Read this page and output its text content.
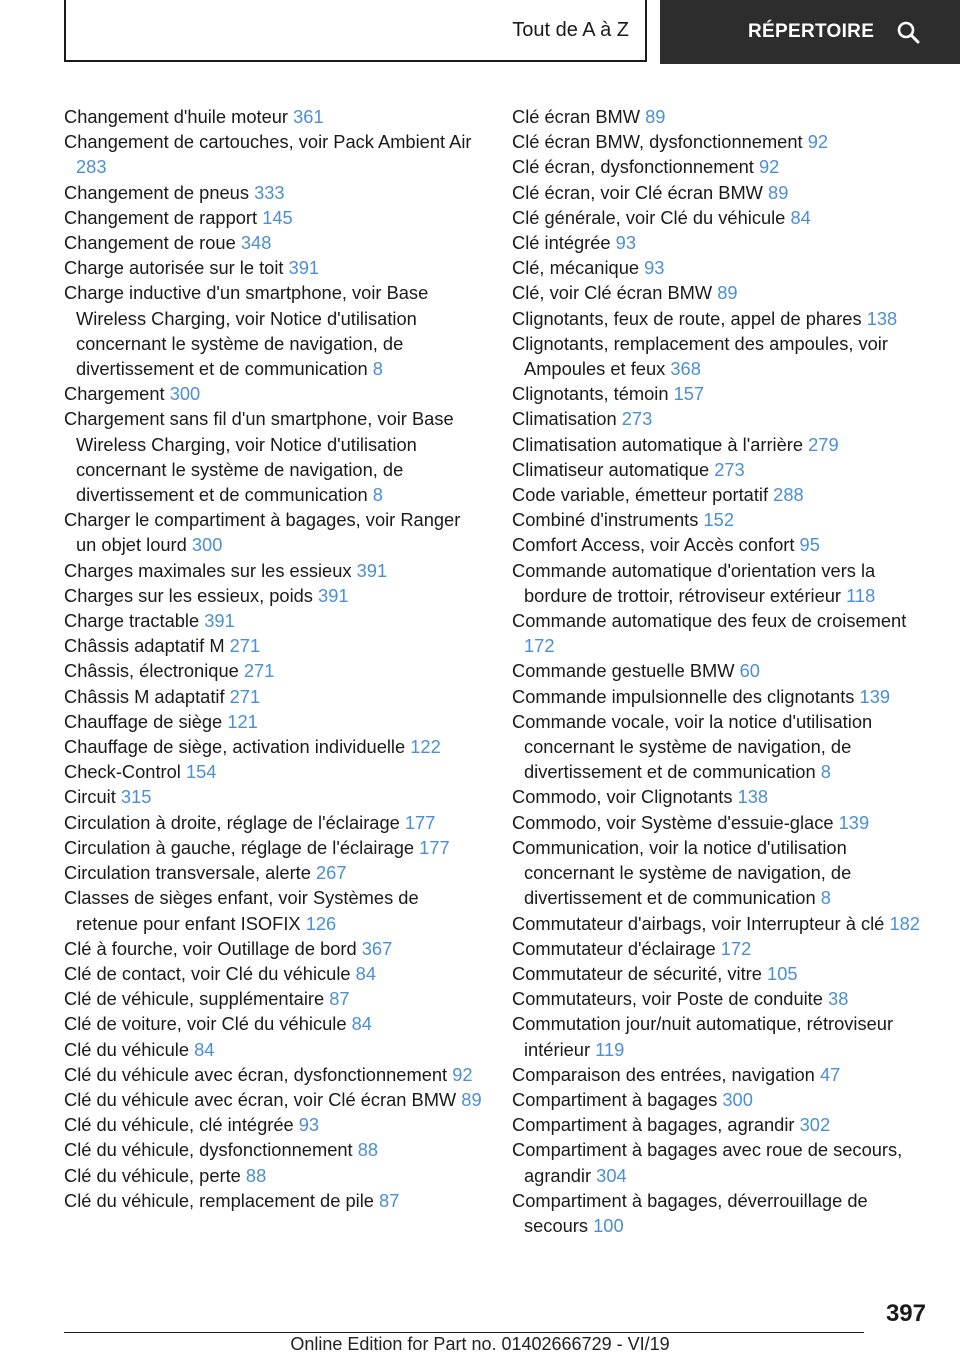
Tout de A à Z	RÉPERTOIRE

Changement d'huile moteur 361

Changement de cartouches, voir Pack Ambient Air 283

Changement de pneus 333

Changement de rapport 145

Changement de roue 348

Charge autorisée sur le toit 391

Charge inductive d'un smartphone, voir Base Wireless Charging, voir Notice d'utilisation concernant le système de navigation, de divertissement et de communication 8

Chargement 300

Chargement sans fil d'un smartphone, voir Base Wireless Charging, voir Notice d'utilisation concernant le système de navigation, de divertissement et de communication 8

Charger le compartiment à bagages, voir Ranger un objet lourd 300

Charges maximales sur les essieux 391

Charges sur les essieux, poids 391

Charge tractable 391

Châssis adaptatif M 271

Châssis, électronique 271

Châssis M adaptatif 271

Chauffage de siège 121

Chauffage de siège, activation individuelle 122

Check-Control 154

Circuit 315

Circulation à droite, réglage de l'éclairage 177

Circulation à gauche, réglage de l'éclairage 177

Circulation transversale, alerte 267

Classes de sièges enfant, voir Systèmes de retenue pour enfant ISOFIX 126

Clé à fourche, voir Outillage de bord 367

Clé de contact, voir Clé du véhicule 84

Clé de véhicule, supplémentaire 87

Clé de voiture, voir Clé du véhicule 84

Clé du véhicule 84

Clé du véhicule avec écran, dysfonctionnement 92

Clé du véhicule avec écran, voir Clé écran BMW 89

Clé du véhicule, clé intégrée 93

Clé du véhicule, dysfonctionnement 88

Clé du véhicule, perte 88

Clé du véhicule, remplacement de pile 87

Clé écran BMW 89

Clé écran BMW, dysfonctionnement 92

Clé écran, dysfonctionnement 92

Clé écran, voir Clé écran BMW 89

Clé générale, voir Clé du véhicule 84

Clé intégrée 93

Clé, mécanique 93

Clé, voir Clé écran BMW 89

Clignotants, feux de route, appel de phares 138

Clignotants, remplacement des ampoules, voir Ampoules et feux 368

Clignotants, témoin 157

Climatisation 273

Climatisation automatique à l'arrière 279

Climatiseur automatique 273

Code variable, émetteur portatif 288

Combiné d'instruments 152

Comfort Access, voir Accès confort 95

Commande automatique d'orientation vers la bordure de trottoir, rétroviseur extérieur 118

Commande automatique des feux de croisement 172

Commande gestuelle BMW 60

Commande impulsionnelle des clignotants 139

Commande vocale, voir la notice d'utilisation concernant le système de navigation, de divertissement et de communication 8

Commodo, voir Clignotants 138

Commodo, voir Système d'essuie-glace 139

Communication, voir la notice d'utilisation concernant le système de navigation, de divertissement et de communication 8

Commutateur d'airbags, voir Interrupteur à clé 182

Commutateur d'éclairage 172

Commutateur de sécurité, vitre 105

Commutateurs, voir Poste de conduite 38

Commutation jour/nuit automatique, rétroviseur intérieur 119

Comparaison des entrées, navigation 47

Compartiment à bagages 300

Compartiment à bagages, agrandir 302

Compartiment à bagages avec roue de secours, agrandir 304

Compartiment à bagages, déverrouillage de secours 100

397
Online Edition for Part no. 01402666729 - VI/19
